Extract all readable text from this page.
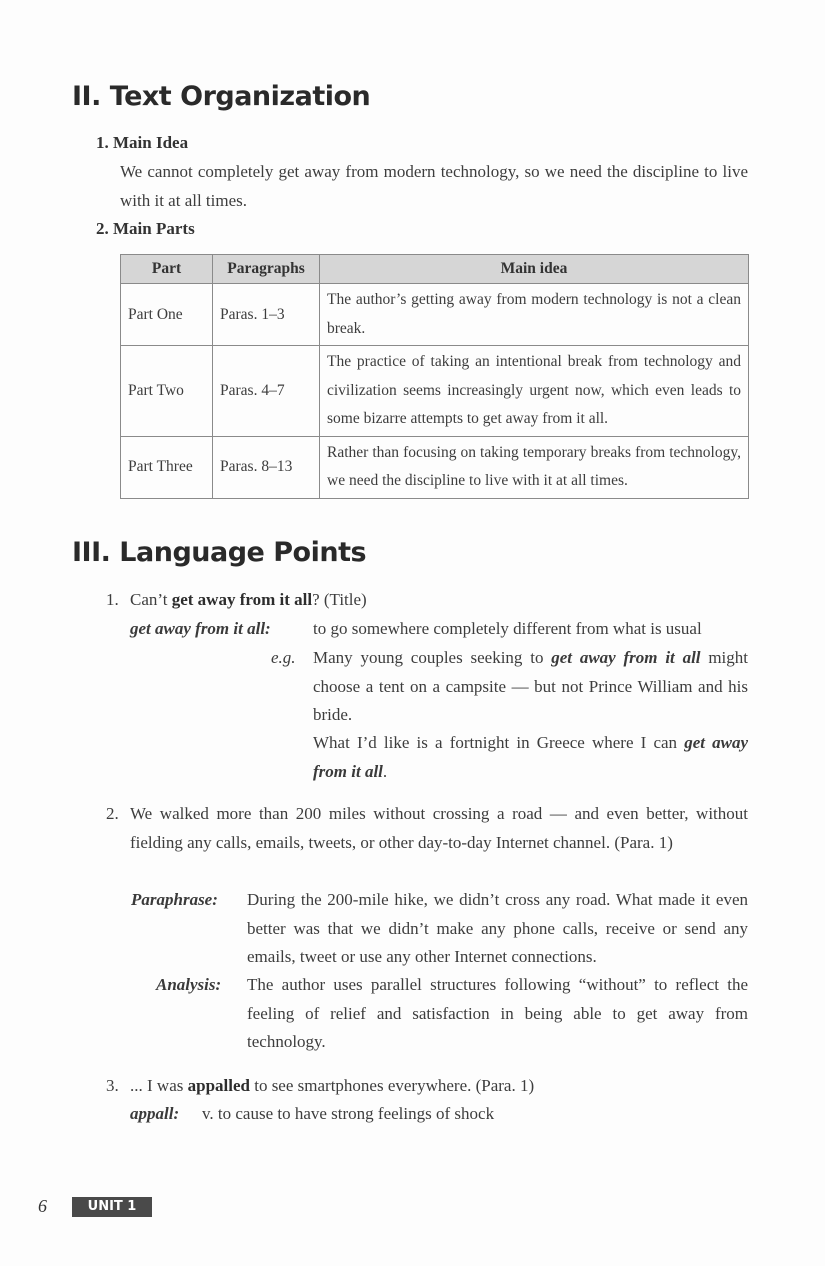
II. Text Organization
1. Main Idea
We cannot completely get away from modern technology, so we need the discipline to live with it at all times.
2. Main Parts
Part	Paragraphs	Main idea
Part One	Paras. 1–3	The author’s getting away from modern technology is not a clean break.
Part Two	Paras. 4–7	The practice of taking an intentional break from technology and civilization seems increasingly urgent now, which even leads to some bizarre attempts to get away from it all.
Part Three	Paras. 8–13	Rather than focusing on taking temporary breaks from technology, we need the discipline to live with it at all times.
III. Language Points
1. Can’t get away from it all? (Title)
get away from it all: to go somewhere completely different from what is usual
e.g. Many young couples seeking to get away from it all might choose a tent on a campsite — but not Prince William and his bride.
What I’d like is a fortnight in Greece where I can get away from it all.
2. We walked more than 200 miles without crossing a road — and even better, without fielding any calls, emails, tweets, or other day-to-day Internet channel. (Para. 1)
Paraphrase: During the 200-mile hike, we didn’t cross any road. What made it even better was that we didn’t make any phone calls, receive or send any emails, tweet or use any other Internet connections.
Analysis: The author uses parallel structures following “without” to reflect the feeling of relief and satisfaction in being able to get away from technology.
3. ... I was appalled to see smartphones everywhere. (Para. 1)
appall: v. to cause to have strong feelings of shock
6	UNIT 1
